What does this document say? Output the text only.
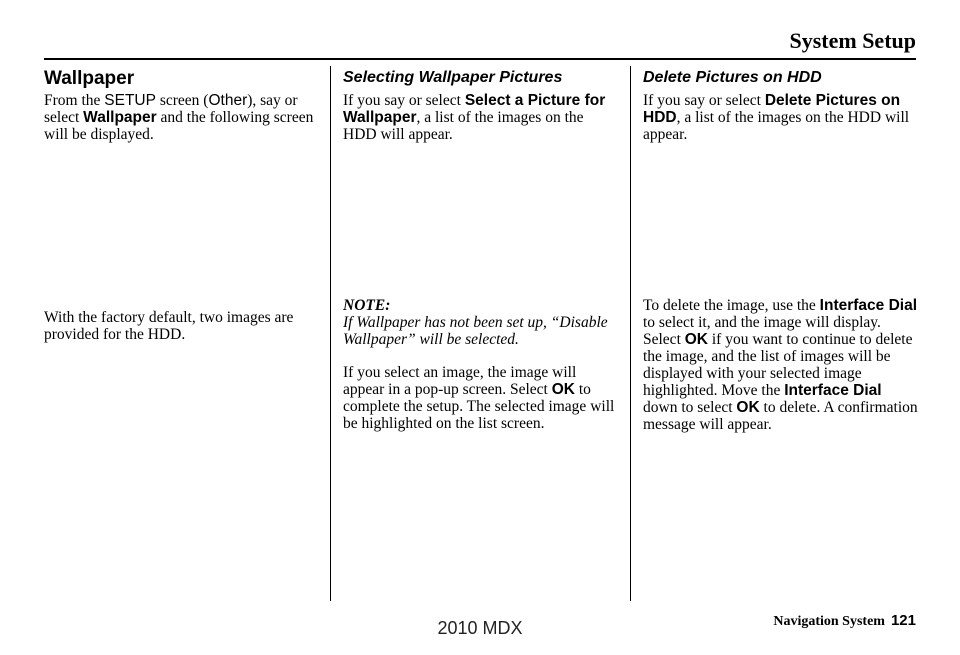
System Setup
Wallpaper

From the SETUP screen (Other), say or select Wallpaper and the following screen will be displayed.

With the factory default, two images are provided for the HDD.

Selecting Wallpaper Pictures

If you say or select Select a Picture for Wallpaper, a list of the images on the HDD will appear.

NOTE:

If Wallpaper has not been set up, “Disable Wallpaper” will be selected.

If you select an image, the image will appear in a pop-up screen. Select OK to complete the setup. The selected image will be highlighted on the list screen.

Delete Pictures on HDD

If you say or select Delete Pictures on HDD, a list of the images on the HDD will appear.

To delete the image, use the Interface Dial to select it, and the image will display. Select OK if you want to continue to delete the image, and the list of images will be displayed with your selected image highlighted. Move the Interface Dial down to select OK to delete. A confirmation message will appear.

Navigation System 121
2010 MDX
